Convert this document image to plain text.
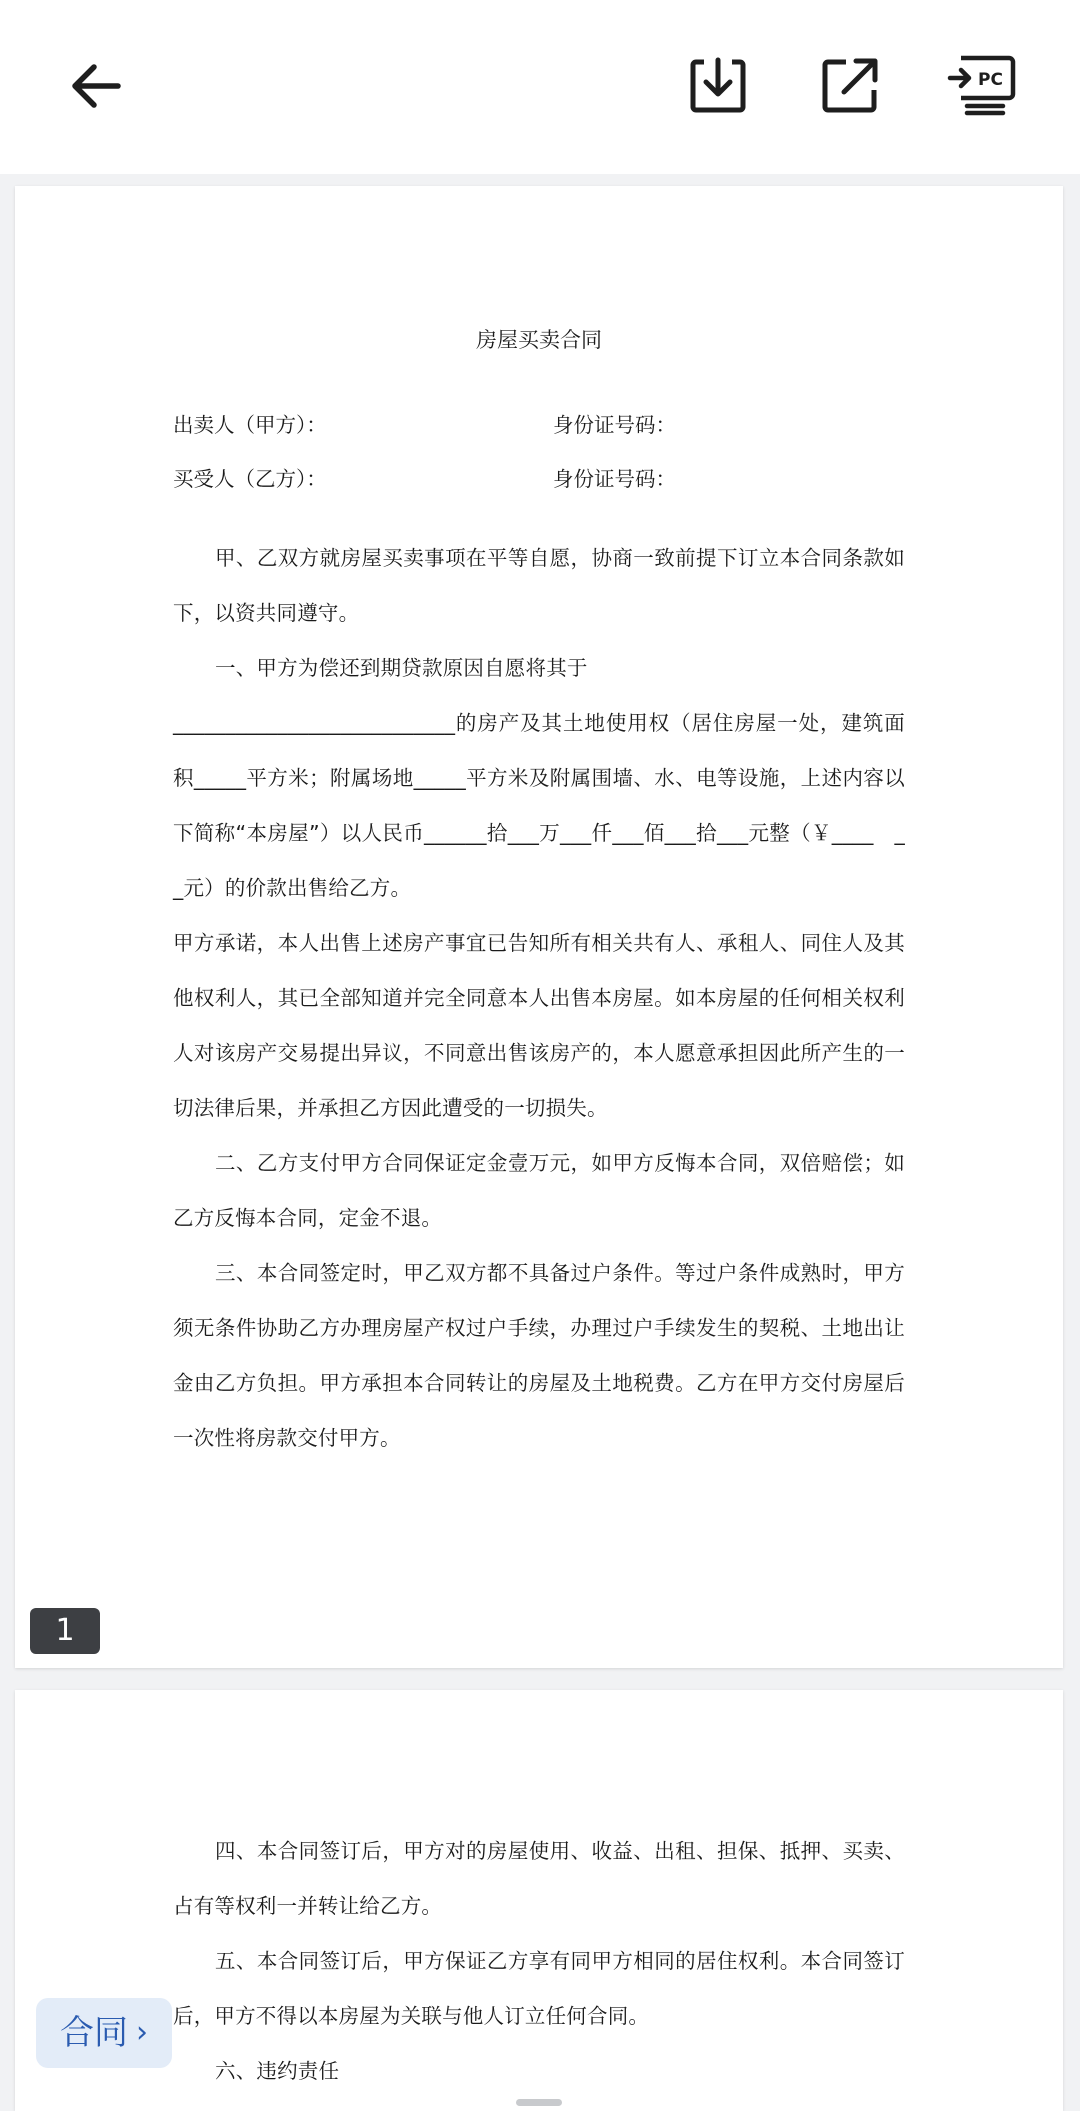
PC
房屋买卖合同
出卖人（甲方）：	身份证号码：
买受人（乙方）：	身份证号码：

甲、乙双方就房屋买卖事项在平等自愿，协商一致前提下订立本合同条款如下，以资共同遵守。

一、甲方为偿还到期贷款原因自愿将其于

___________________________的房产及其土地使用权（居住房屋一处，建筑面积_____平方米；附属场地_____平方米及附属围墙、水、电等设施，上述内容以下简称“本房屋”）以人民币______拾___万___仟___佰___拾___元整（￥____　__元）的价款出售给乙方。

甲方承诺，本人出售上述房产事宜已告知所有相关共有人、承租人、同住人及其他权利人，其已全部知道并完全同意本人出售本房屋。如本房屋的任何相关权利人对该房产交易提出异议，不同意出售该房产的，本人愿意承担因此所产生的一切法律后果，并承担乙方因此遭受的一切损失。

二、乙方支付甲方合同保证定金壹万元，如甲方反悔本合同，双倍赔偿；如乙方反悔本合同，定金不退。

三、本合同签定时，甲乙双方都不具备过户条件。等过户条件成熟时，甲方须无条件协助乙方办理房屋产权过户手续，办理过户手续发生的契税、土地出让金由乙方负担。甲方承担本合同转让的房屋及土地税费。乙方在甲方交付房屋后一次性将房款交付甲方。

1

四、本合同签订后，甲方对的房屋使用、收益、出租、担保、抵押、买卖、占有等权利一并转让给乙方。

五、本合同签订后，甲方保证乙方享有同甲方相同的居住权利。本合同签订后，甲方不得以本房屋为关联与他人订立任何合同。

六、违约责任

合同 ›
